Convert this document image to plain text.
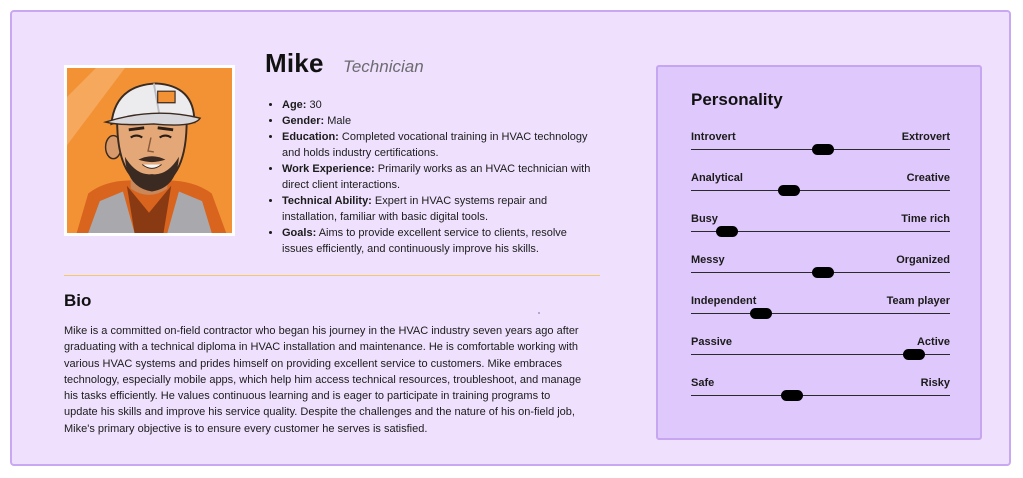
Mike Technician
• Age: 30
• Gender: Male
• Education: Completed vocational training in HVAC technology and holds industry certifications.
• Work Experience: Primarily works as an HVAC technician with direct client interactions.
• Technical Ability: Expert in HVAC systems repair and installation, familiar with basic digital tools.
• Goals: Aims to provide excellent service to clients, resolve issues efficiently, and continuously improve his skills.
Bio

Mike is a committed on-field contractor who began his journey in the HVAC industry seven years ago after graduating with a technical diploma in HVAC installation and maintenance. He is comfortable working with various HVAC systems and prides himself on providing excellent service to customers. Mike embraces technology, especially mobile apps, which help him access technical resources, troubleshoot, and manage his tasks efficiently. He values continuous learning and is eager to participate in training programs to update his skills and improve his service quality. Despite the challenges and the nature of his on-field job, Mike's primary objective is to ensure every customer he serves is satisfied.

Personality
Introvert	Extrovert
Analytical	Creative
Busy	Time rich
Messy	Organized
Independent	Team player
Passive	Active
Safe	Risky
